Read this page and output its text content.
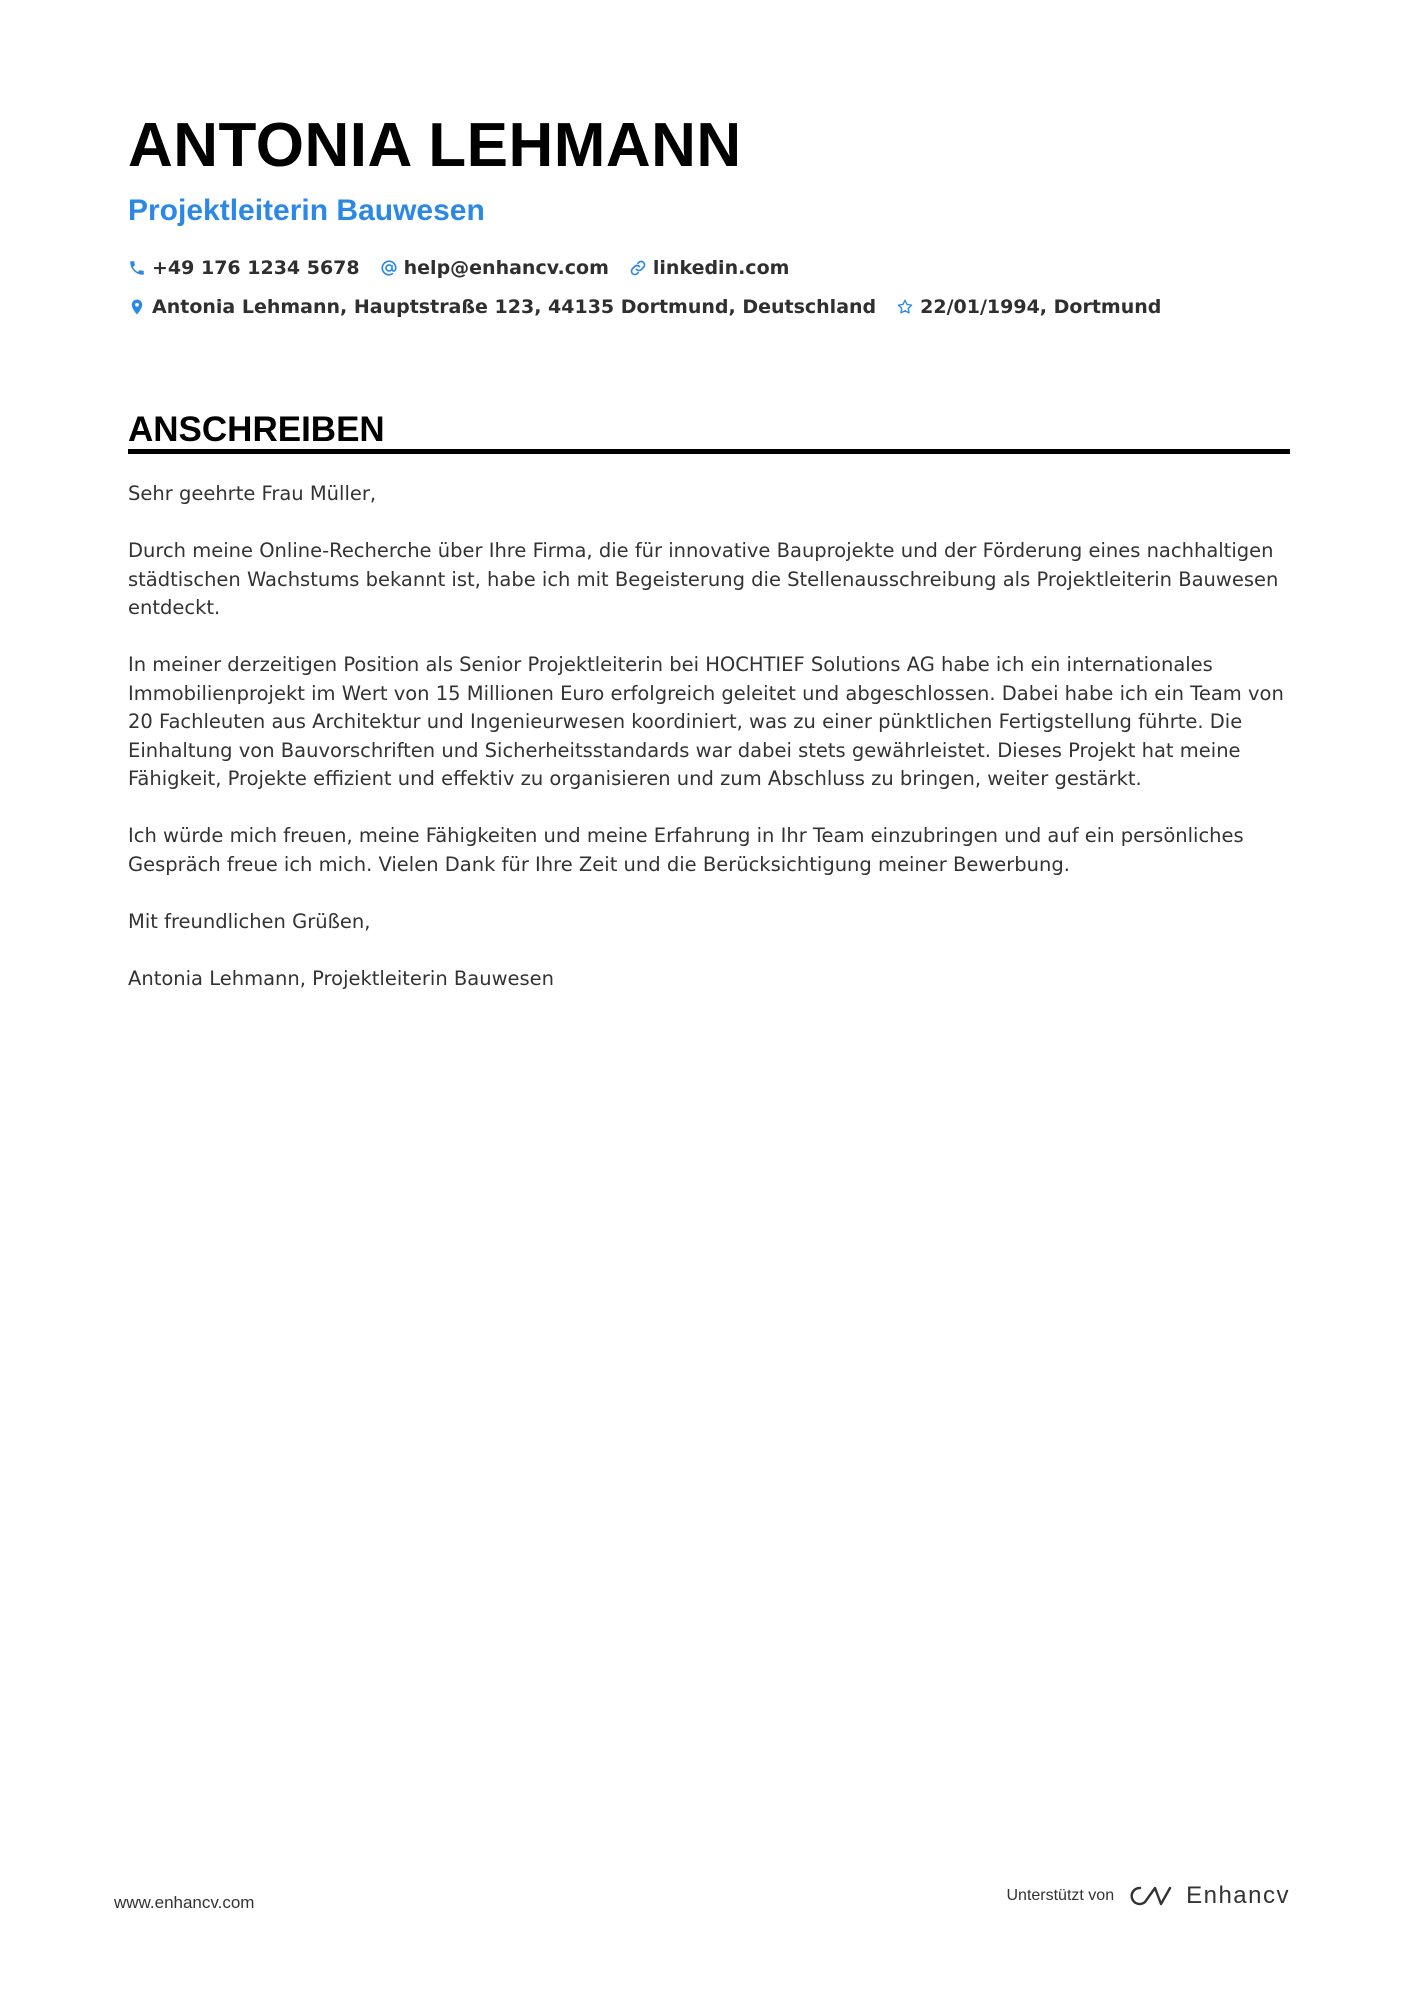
ANTONIA LEHMANN
Projektleiterin Bauwesen
+49 176 1234 5678 help@enhancv.com linkedin.com
Antonia Lehmann, Hauptstraße 123, 44135 Dortmund, Deutschland 22/01/1994, Dortmund
ANSCHREIBEN

Sehr geehrte Frau Müller,

Durch meine Online-Recherche über Ihre Firma, die für innovative Bauprojekte und der Förderung eines nachhaltigen städtischen Wachstums bekannt ist, habe ich mit Begeisterung die Stellenausschreibung als Projektleiterin Bauwesen entdeckt.

In meiner derzeitigen Position als Senior Projektleiterin bei HOCHTIEF Solutions AG habe ich ein internationales Immobilienprojekt im Wert von 15 Millionen Euro erfolgreich geleitet und abgeschlossen. Dabei habe ich ein Team von 20 Fachleuten aus Architektur und Ingenieurwesen koordiniert, was zu einer pünktlichen Fertigstellung führte. Die Einhaltung von Bauvorschriften und Sicherheitsstandards war dabei stets gewährleistet. Dieses Projekt hat meine Fähigkeit, Projekte effizient und effektiv zu organisieren und zum Abschluss zu bringen, weiter gestärkt.

Ich würde mich freuen, meine Fähigkeiten und meine Erfahrung in Ihr Team einzubringen und auf ein persönliches Gespräch freue ich mich. Vielen Dank für Ihre Zeit und die Berücksichtigung meiner Bewerbung.

Mit freundlichen Grüßen,

Antonia Lehmann, Projektleiterin Bauwesen

www.enhancv.com	Unterstützt von	Enhancv
